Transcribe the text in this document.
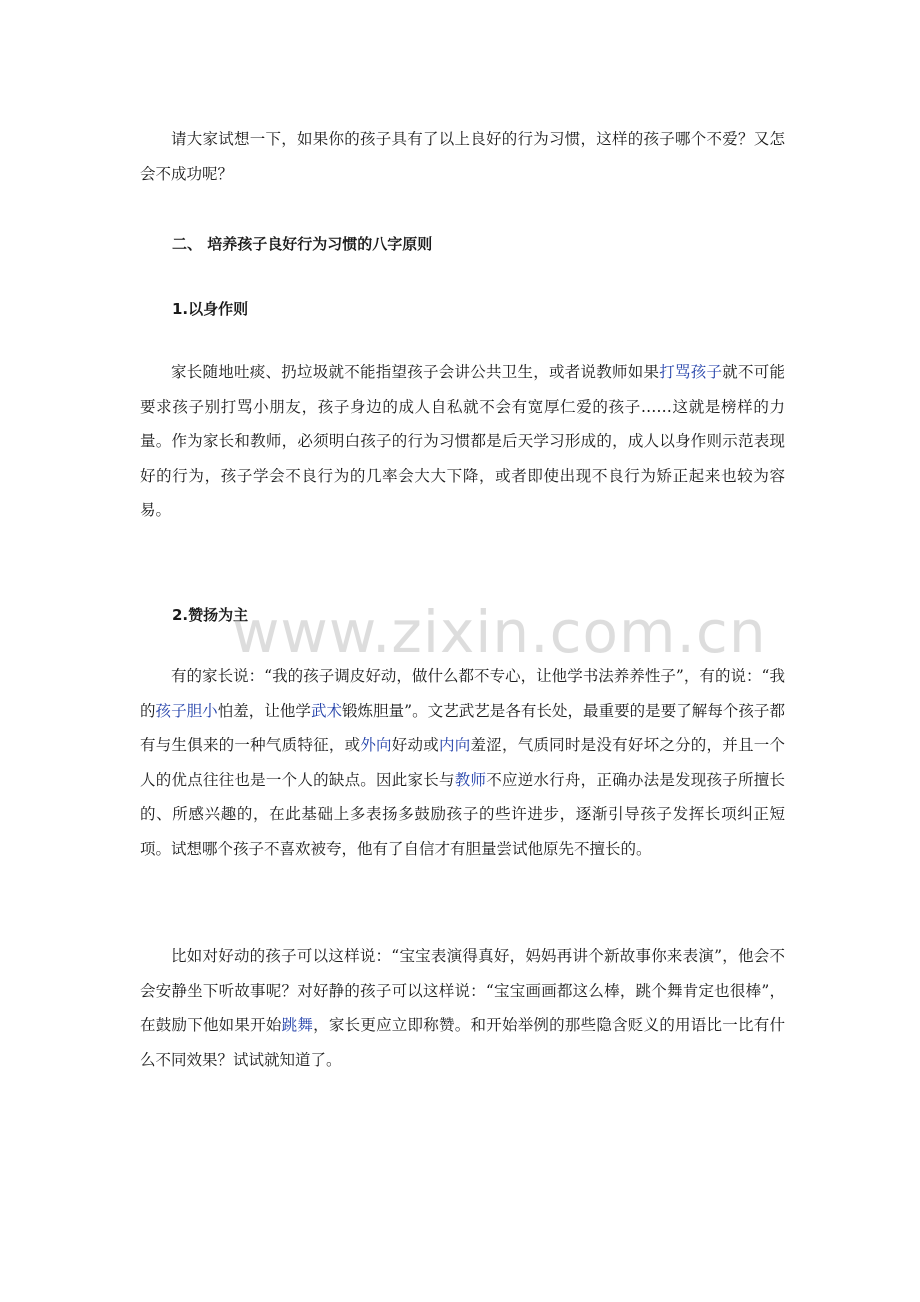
请大家试想一下，如果你的孩子具有了以上良好的行为习惯，这样的孩子哪个不爱？又怎会不成功呢？

二、 培养孩子良好行为习惯的八字原则

1.以身作则

家长随地吐痰、扔垃圾就不能指望孩子会讲公共卫生，或者说教师如果打骂孩子就不可能要求孩子别打骂小朋友，孩子身边的成人自私就不会有宽厚仁爱的孩子……这就是榜样的力量。作为家长和教师，必须明白孩子的行为习惯都是后天学习形成的，成人以身作则示范表现好的行为，孩子学会不良行为的几率会大大下降，或者即使出现不良行为矫正起来也较为容易。

2.赞扬为主

有的家长说：“我的孩子调皮好动，做什么都不专心，让他学书法养养性子”，有的说：“我的孩子胆小怕羞，让他学武术锻炼胆量”。文艺武艺是各有长处，最重要的是要了解每个孩子都有与生俱来的一种气质特征，或外向好动或内向羞涩，气质同时是没有好坏之分的，并且一个人的优点往往也是一个人的缺点。因此家长与教师不应逆水行舟，正确办法是发现孩子所擅长的、所感兴趣的，在此基础上多表扬多鼓励孩子的些许进步，逐渐引导孩子发挥长项纠正短项。试想哪个孩子不喜欢被夸，他有了自信才有胆量尝试他原先不擅长的。

比如对好动的孩子可以这样说：“宝宝表演得真好，妈妈再讲个新故事你来表演”，他会不会安静坐下听故事呢？对好静的孩子可以这样说：“宝宝画画都这么棒，跳个舞肯定也很棒”，在鼓励下他如果开始跳舞，家长更应立即称赞。和开始举例的那些隐含贬义的用语比一比有什么不同效果？试试就知道了。

www.zixin.com.cn
